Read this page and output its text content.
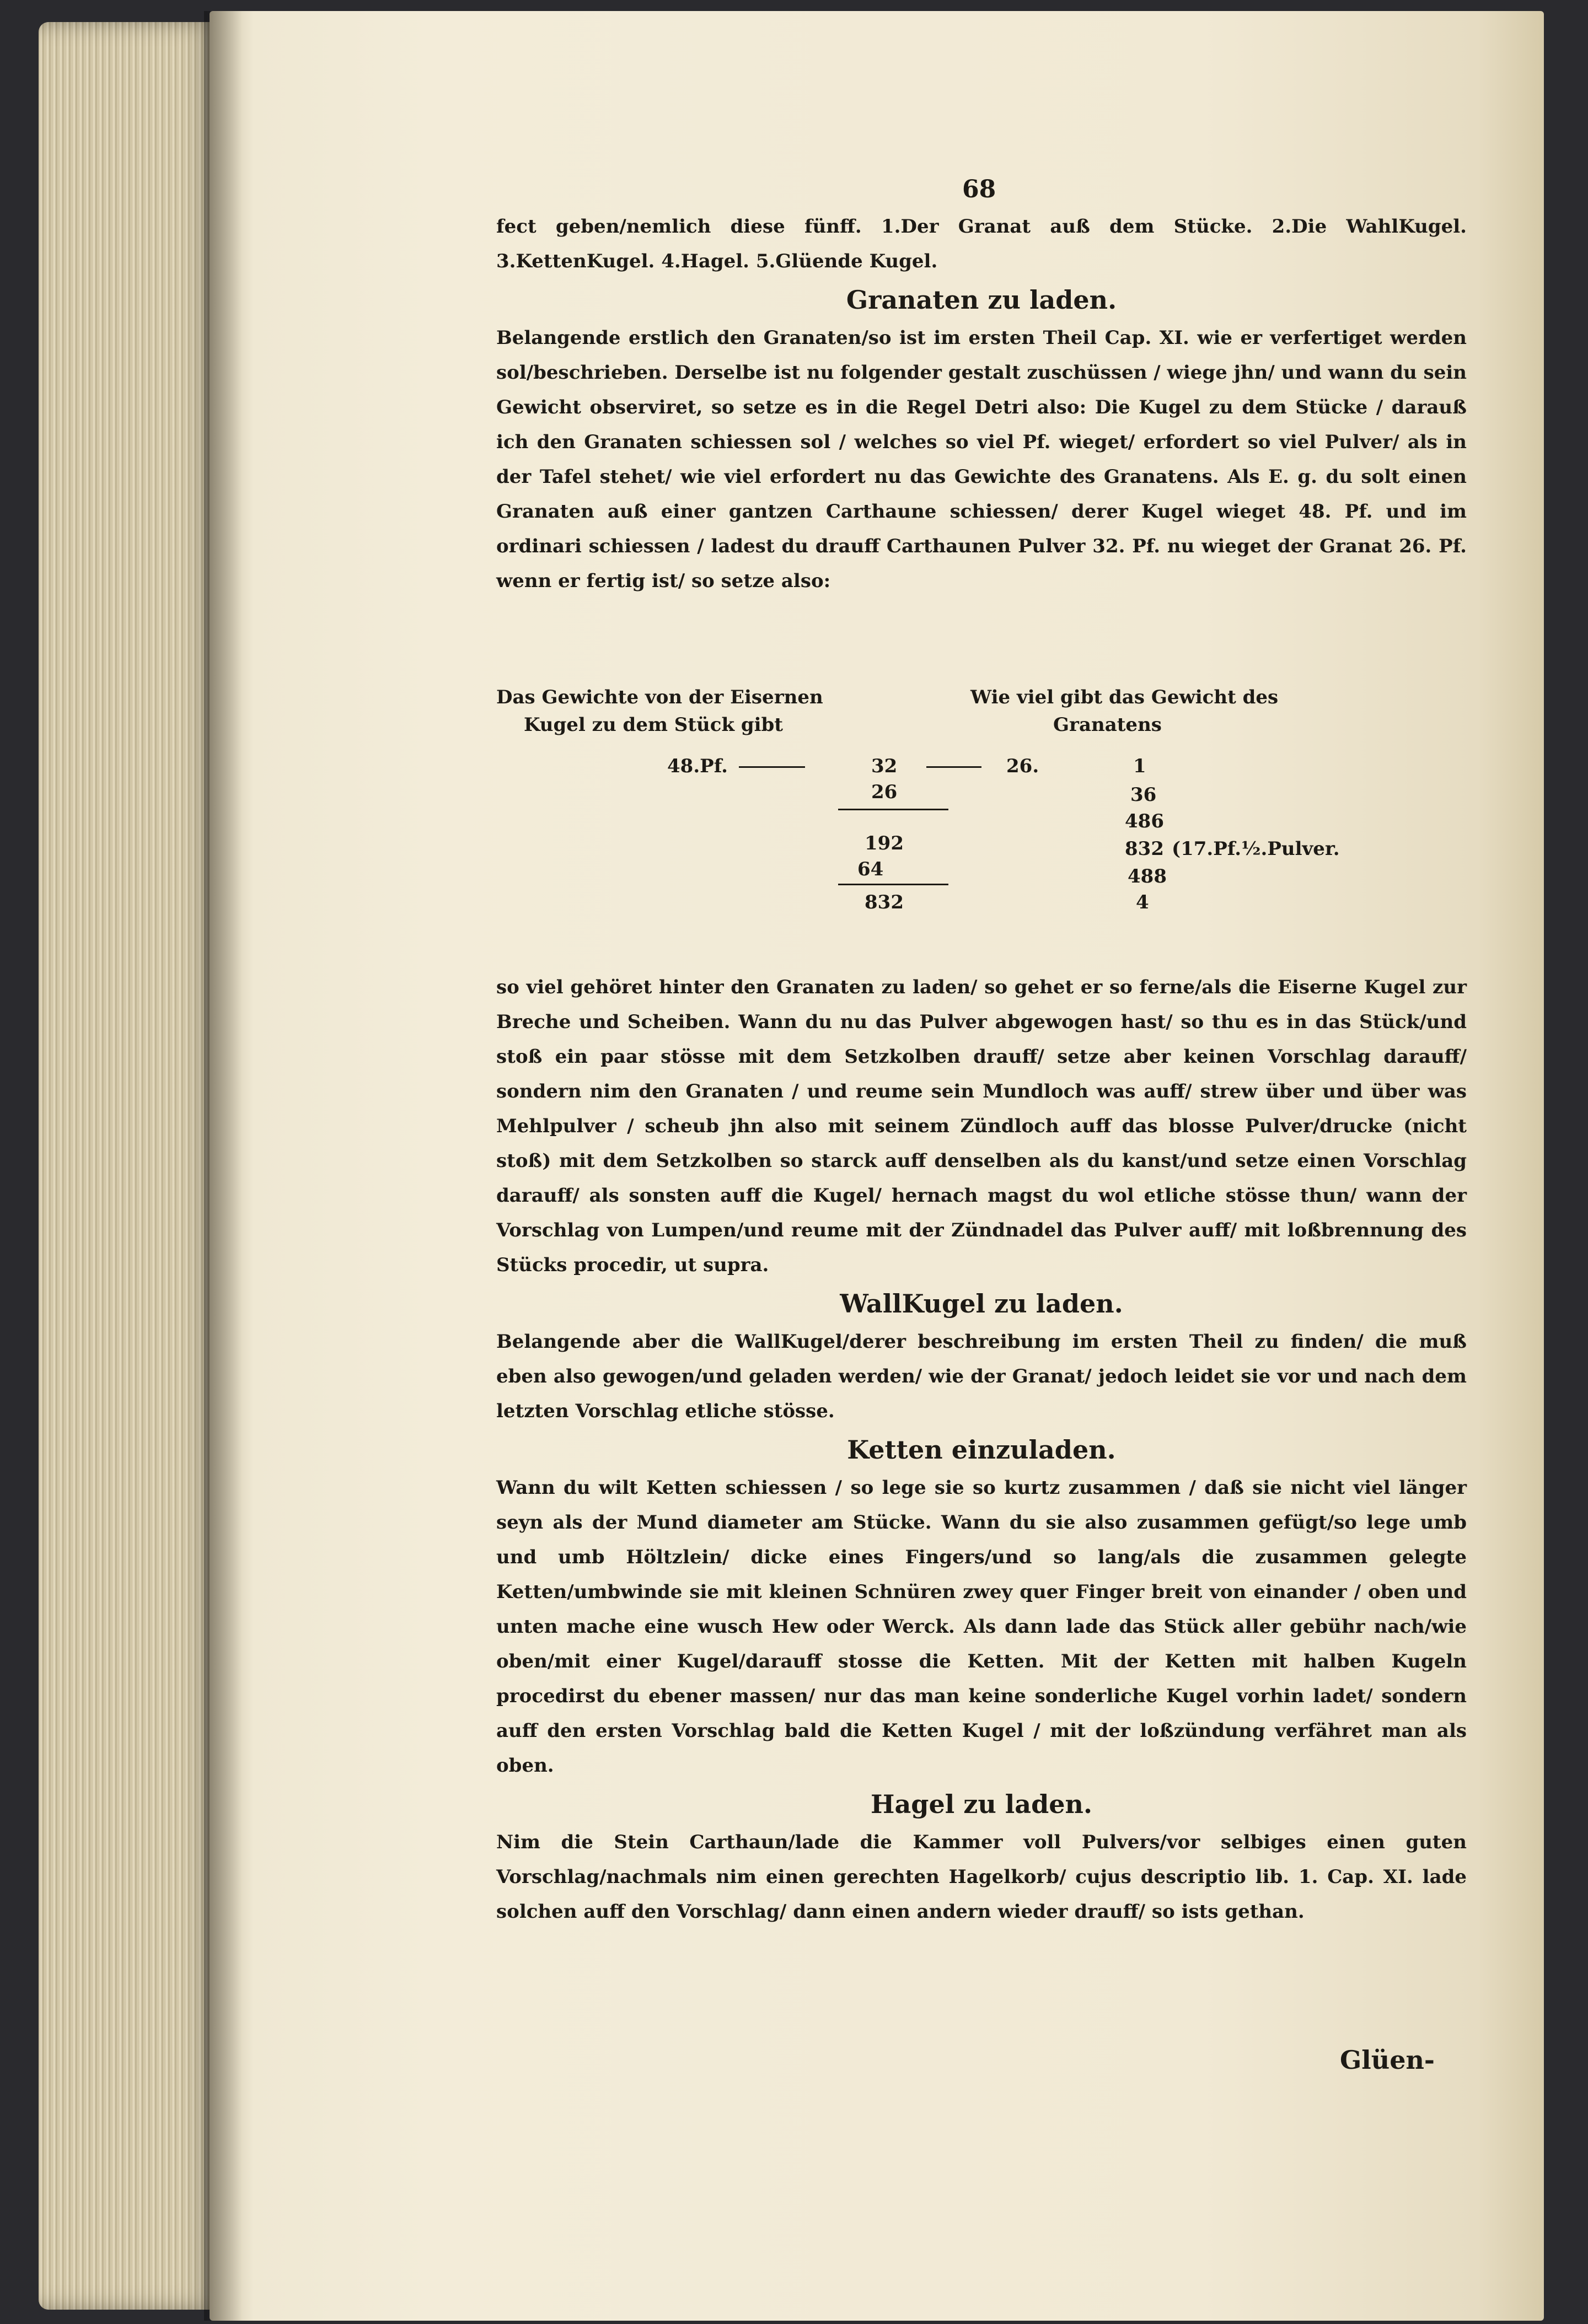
68

fect geben/nemlich diese fünff. 1.Der Granat auß dem Stücke. 2.Die WahlKugel. 3.KettenKugel. 4.Hagel. 5.Glüende Kugel.

Granaten zu laden.

Belangende erstlich den Granaten/so ist im ersten Theil Cap. XI. wie er verfertiget werden sol/beschrieben. Derselbe ist nu folgender gestalt zuschüssen / wiege jhn/ und wann du sein Gewicht observiret, so setze es in die Regel Detri also: Die Kugel zu dem Stücke / darauß ich den Granaten schiessen sol / welches so viel Pf. wieget/ erfordert so viel Pulver/ als in der Tafel stehet/ wie viel erfordert nu das Gewichte des Granatens. Als E. g. du solt einen Granaten auß einer gantzen Carthaune schiessen/ derer Kugel wieget 48. Pf. und im ordinari schiessen / ladest du drauff Carthaunen Pulver 32. Pf. nu wieget der Granat 26. Pf. wenn er fertig ist/ so setze also:

Das Gewichte von der Eisernen
Kugel zu dem Stück gibt
Wie viel gibt das Gewicht des
Granatens
48.Pf.	32	26.
26
192
64
832
1
36
486
832 (17.Pf.½.Pulver.
488
4

so viel gehöret hinter den Granaten zu laden/ so gehet er so ferne/als die Eiserne Kugel zur Breche und Scheiben. Wann du nu das Pulver abgewogen hast/ so thu es in das Stück/und stoß ein paar stösse mit dem Setzkolben drauff/ setze aber keinen Vorschlag darauff/ sondern nim den Granaten / und reume sein Mundloch was auff/ strew über und über was Mehlpulver / scheub jhn also mit seinem Zündloch auff das blosse Pulver/drucke (nicht stoß) mit dem Setzkolben so starck auff denselben als du kanst/und setze einen Vorschlag darauff/ als sonsten auff die Kugel/ hernach magst du wol etliche stösse thun/ wann der Vorschlag von Lumpen/und reume mit der Zündnadel das Pulver auff/ mit loßbrennung des Stücks procedir, ut supra.

WallKugel zu laden.

Belangende aber die WallKugel/derer beschreibung im ersten Theil zu finden/ die muß eben also gewogen/und geladen werden/ wie der Granat/ jedoch leidet sie vor und nach dem letzten Vorschlag etliche stösse.

Ketten einzuladen.

Wann du wilt Ketten schiessen / so lege sie so kurtz zusammen / daß sie nicht viel länger seyn als der Mund diameter am Stücke. Wann du sie also zusammen gefügt/so lege umb und umb Höltzlein/ dicke eines Fingers/und so lang/als die zusammen gelegte Ketten/umbwinde sie mit kleinen Schnüren zwey quer Finger breit von einander / oben und unten mache eine wusch Hew oder Werck. Als dann lade das Stück aller gebühr nach/wie oben/mit einer Kugel/darauff stosse die Ketten. Mit der Ketten mit halben Kugeln procedirst du ebener massen/ nur das man keine sonderliche Kugel vorhin ladet/ sondern auff den ersten Vorschlag bald die Ketten Kugel / mit der loßzündung verfähret man als oben.

Hagel zu laden.

Nim die Stein Carthaun/lade die Kammer voll Pulvers/vor selbiges einen guten Vorschlag/nachmals nim einen gerechten Hagelkorb/ cujus descriptio lib. 1. Cap. XI. lade solchen auff den Vorschlag/ dann einen andern wieder drauff/ so ists gethan.

Glüen-
